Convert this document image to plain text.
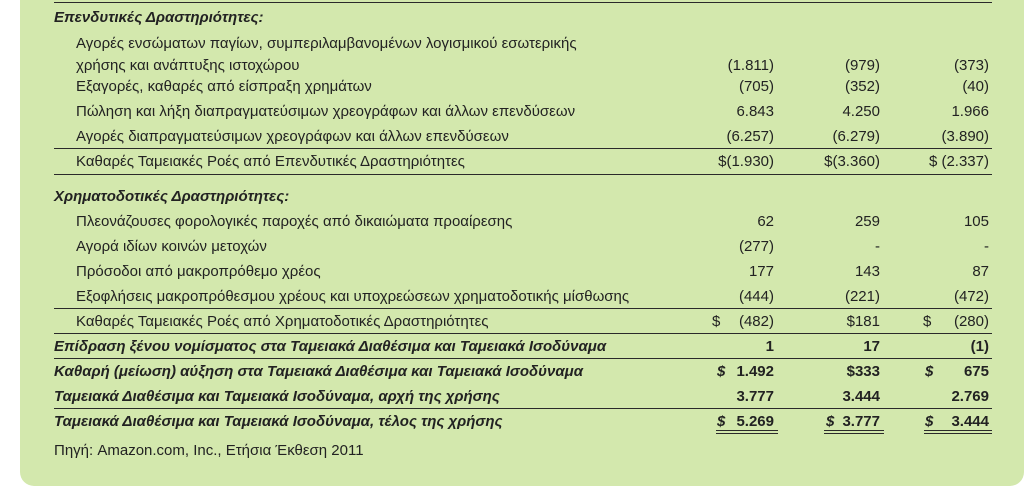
Επενδυτικές Δραστηριότητες:
Αγορές ενσώματων παγίων, συμπεριλαμβανομένων λογισμικού εσωτερικής
χρήσης και ανάπτυξης ιστοχώρου	(1.811)	(979)	(373)
Εξαγορές, καθαρές από είσπραξη χρημάτων	(705)	(352)	(40)
Πώληση και λήξη διαπραγματεύσιμων χρεογράφων και άλλων επενδύσεων	6.843	4.250	1.966
Αγορές διαπραγματεύσιμων χρεογράφων και άλλων επενδύσεων	(6.257)	(6.279)	(3.890)
Καθαρές Ταμειακές Ροές από Επενδυτικές Δραστηριότητες	$(1.930)	$(3.360)	$ (2.337)
Χρηματοδοτικές Δραστηριότητες:
Πλεονάζουσες φορολογικές παροχές από δικαιώματα προαίρεσης	62	259	105
Αγορά ιδίων κοινών μετοχών	(277)	-	-
Πρόσοδοι από μακροπρόθεμο χρέος	177	143	87
Εξοφλήσεις μακροπρόθεσμου χρέους και υποχρεώσεων χρηματοδοτικής μίσθωσης	(444)	(221)	(472)
Καθαρές Ταμειακές Ροές από Χρηματοδοτικές Δραστηριότητες	$ (482)	$181	$ (280)
Επίδραση ξένου νομίσματος στα Ταμειακά Διαθέσιμα και Ταμειακά Ισοδύναμα	1	17	(1)
Καθαρή (μείωση) αύξηση στα Ταμειακά Διαθέσιμα και Ταμειακά Ισοδύναμα	$ 1.492	$333	$ 675
Ταμειακά Διαθέσιμα και Ταμειακά Ισοδύναμα, αρχή της χρήσης	3.777	3.444	2.769
Ταμειακά Διαθέσιμα και Ταμειακά Ισοδύναμα, τέλος της χρήσης	$ 5.269	$ 3.777	$ 3.444
Πηγή: Amazon.com, Inc., Ετήσια Έκθεση 2011
